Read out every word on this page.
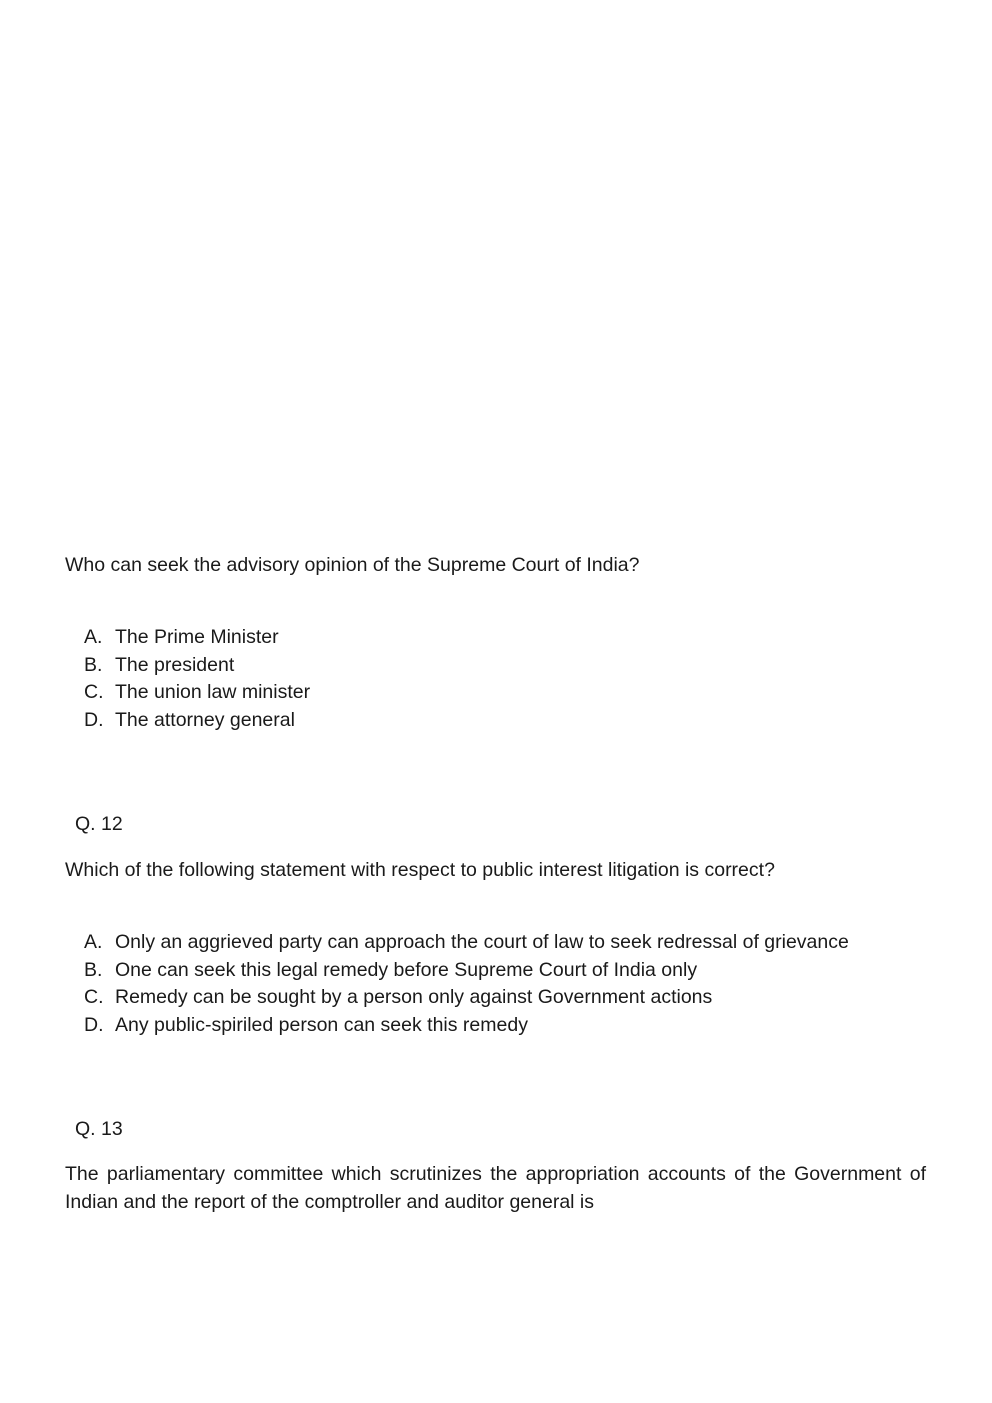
Who can seek the advisory opinion of the Supreme Court of India?
A. The Prime Minister
B. The president
C. The union law minister
D. The attorney general
Q. 12
Which of the following statement with respect to public interest litigation is correct?
A. Only an aggrieved party can approach the court of law to seek redressal of grievance
B. One can seek this legal remedy before Supreme Court of India only
C. Remedy can be sought by a person only against Government actions
D. Any public-spiriled person can seek this remedy
Q. 13
The parliamentary committee which scrutinizes the appropriation accounts of the Government of Indian and the report of the comptroller and auditor general is
